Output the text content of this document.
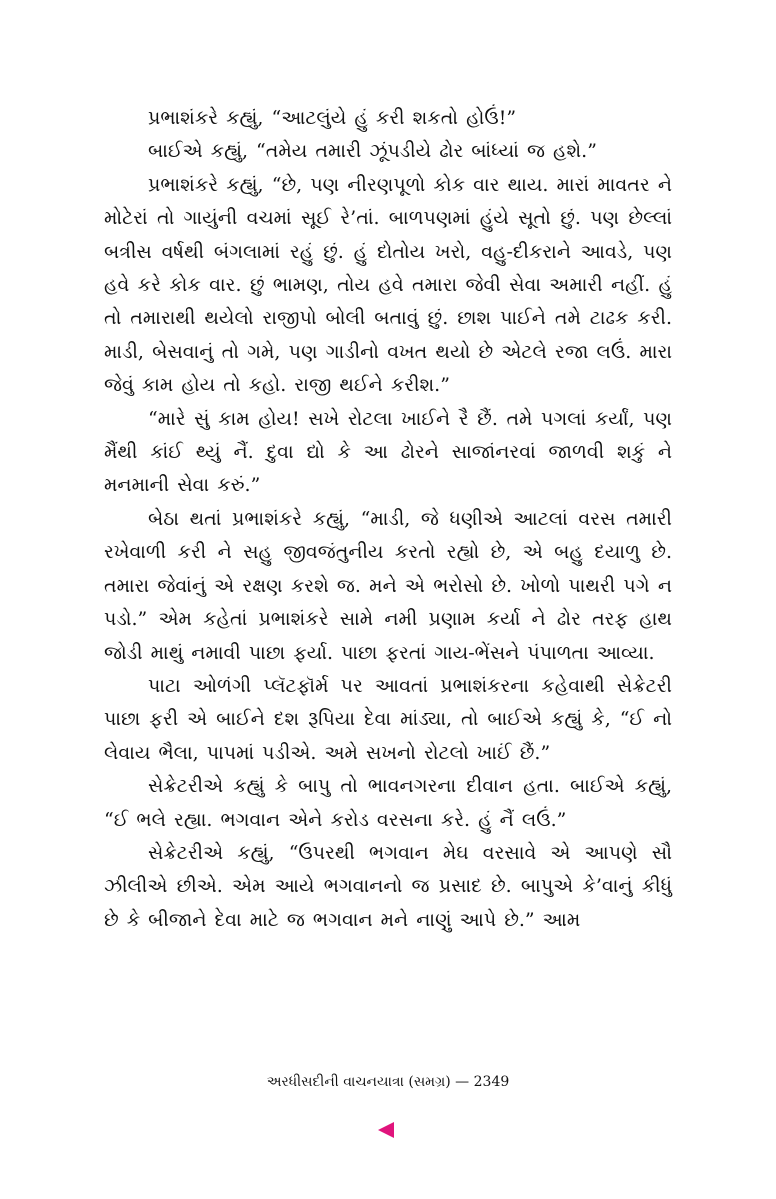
પ્રભાશંકરે કહ્યું, “આટલુંયે હું કરી શકતો હોઉં!”

બાઈએ કહ્યું, “તમેય તમારી ઝૂંપડીયે ઢોર બાંધ્યાં જ હશે.”

પ્રભાશંકરે કહ્યું, “છે, પણ નીરણપૂળો કોક વાર થાય. મારાં માવતર ને મોટેરાં તો ગાયુંની વચમાં સૂઈ રે’તાં. બાળપણમાં હુંયે સૂતો છું. પણ છેલ્લાં બત્રીસ વર્ષથી બંગલામાં રહું છું. હું દોતોય ખરો, વહુ-દીકરાને આવડે, પણ હવે કરે કોક વાર. છું ભામણ, તોય હવે તમારા જેવી સેવા અમારી નહીં. હું તો તમારાથી થયેલો રાજીપો બોલી બતાવું છું. છાશ પાઈને તમે ટાઢક કરી. માડી, બેસવાનું તો ગમે, પણ ગાડીનો વખત થયો છે એટલે રજા લઉં. મારા જેવું કામ હોય તો કહો. રાજી થઈને કરીશ.”

“મારે સું કામ હોય! સખે રોટલા ખાઈને રૈ છૈં. તમે પગલાં કર્યાં, પણ મૈંથી કાંઈ થ્યું નૈં. દુવા દ્યો કે આ ઢોરને સાજાંનરવાં જાળવી શકું ને મનમાની સેવા કરું.”

બેઠા થતાં પ્રભાશંકરે કહ્યું, “માડી, જે ધણીએ આટલાં વરસ તમારી રખેવાળી કરી ને સહુ જીવજંતુનીય કરતો રહ્યો છે, એ બહુ દયાળુ છે. તમારા જેવાંનું એ રક્ષણ કરશે જ. મને એ ભરોસો છે. ખોળો પાથરી પગે ન પડો.” એમ કહેતાં પ્રભાશંકરે સામે નમી પ્રણામ કર્યા ને ઢોર તરફ હાથ જોડી માથું નમાવી પાછા ફર્યા. પાછા ફરતાં ગાય-ભેંસને પંપાળતા આવ્યા.

પાટા ઓળંગી પ્લૅટફૉર્મ પર આવતાં પ્રભાશંકરના કહેવાથી સેક્રેટરી પાછા ફરી એ બાઈને દશ રૂપિયા દેવા માંડ્યા, તો બાઈએ કહ્યું કે, “ઈ નો લેવાય ભૈલા, પાપમાં પડીએ. અમે સખનો રોટલો ખાઈં છૈં.”

સેક્રેટરીએ કહ્યું કે બાપુ તો ભાવનગરના દીવાન હતા. બાઈએ કહ્યું, “ઈ ભલે રહ્યા. ભગવાન એને કરોડ વરસના કરે. હું નૈં લઉં.”

સેક્રેટરીએ કહ્યું, “ઉપરથી ભગવાન મેઘ વરસાવે એ આપણે સૌ ઝીલીએ છીએ. એમ આયે ભગવાનનો જ પ્રસાદ છે. બાપુએ કે’વાનું કીધું છે કે બીજાને દેવા માટે જ ભગવાન મને નાણું આપે છે.” આમ

અરધીસદીની વાચનયાત્રા (સમગ્ર) — 2349
